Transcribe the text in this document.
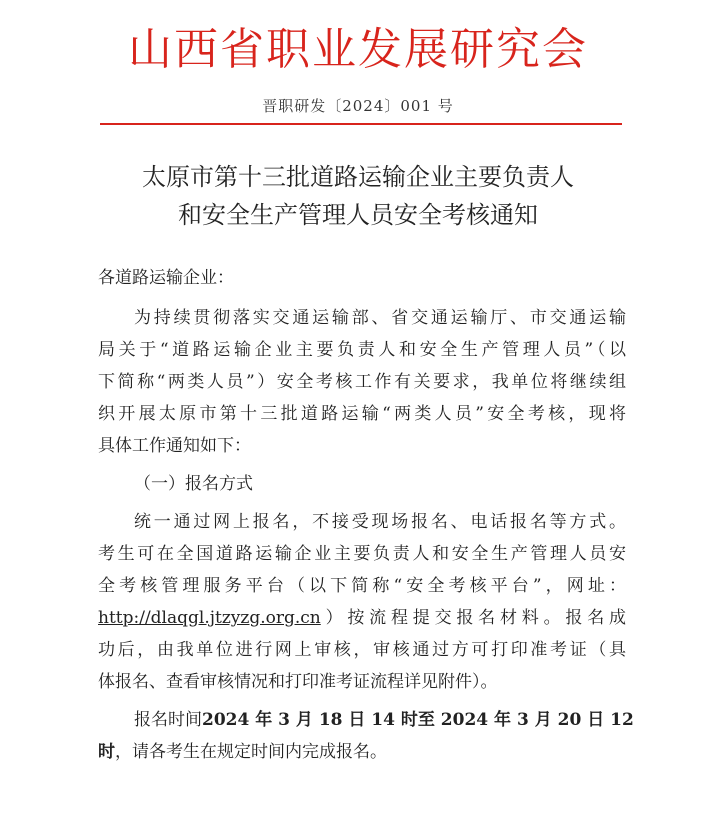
山西省职业发展研究会
晋职研发〔2024〕001 号
太原市第十三批道路运输企业主要负责人
和安全生产管理人员安全考核通知
各道路运输企业：
为持续贯彻落实交通运输部、省交通运输厅、市交通运输
局关于“道路运输企业主要负责人和安全生产管理人员”（以
下简称“两类人员”）安全考核工作有关要求，我单位将继续组
织开展太原市第十三批道路运输“两类人员”安全考核，现将
具体工作通知如下：
（一）报名方式
统一通过网上报名，不接受现场报名、电话报名等方式。
考生可在全国道路运输企业主要负责人和安全生产管理人员安
全考核管理服务平台（以下简称“安全考核平台”，网址：
http://dlaqgl.jtzyzg.org.cn）按流程提交报名材料。报名成
功后，由我单位进行网上审核，审核通过方可打印准考证（具
体报名、查看审核情况和打印准考证流程详见附件）。
报名时间2024 年 3 月 18 日 14 时至 2024 年 3 月 20 日 12
时，请各考生在规定时间内完成报名。
